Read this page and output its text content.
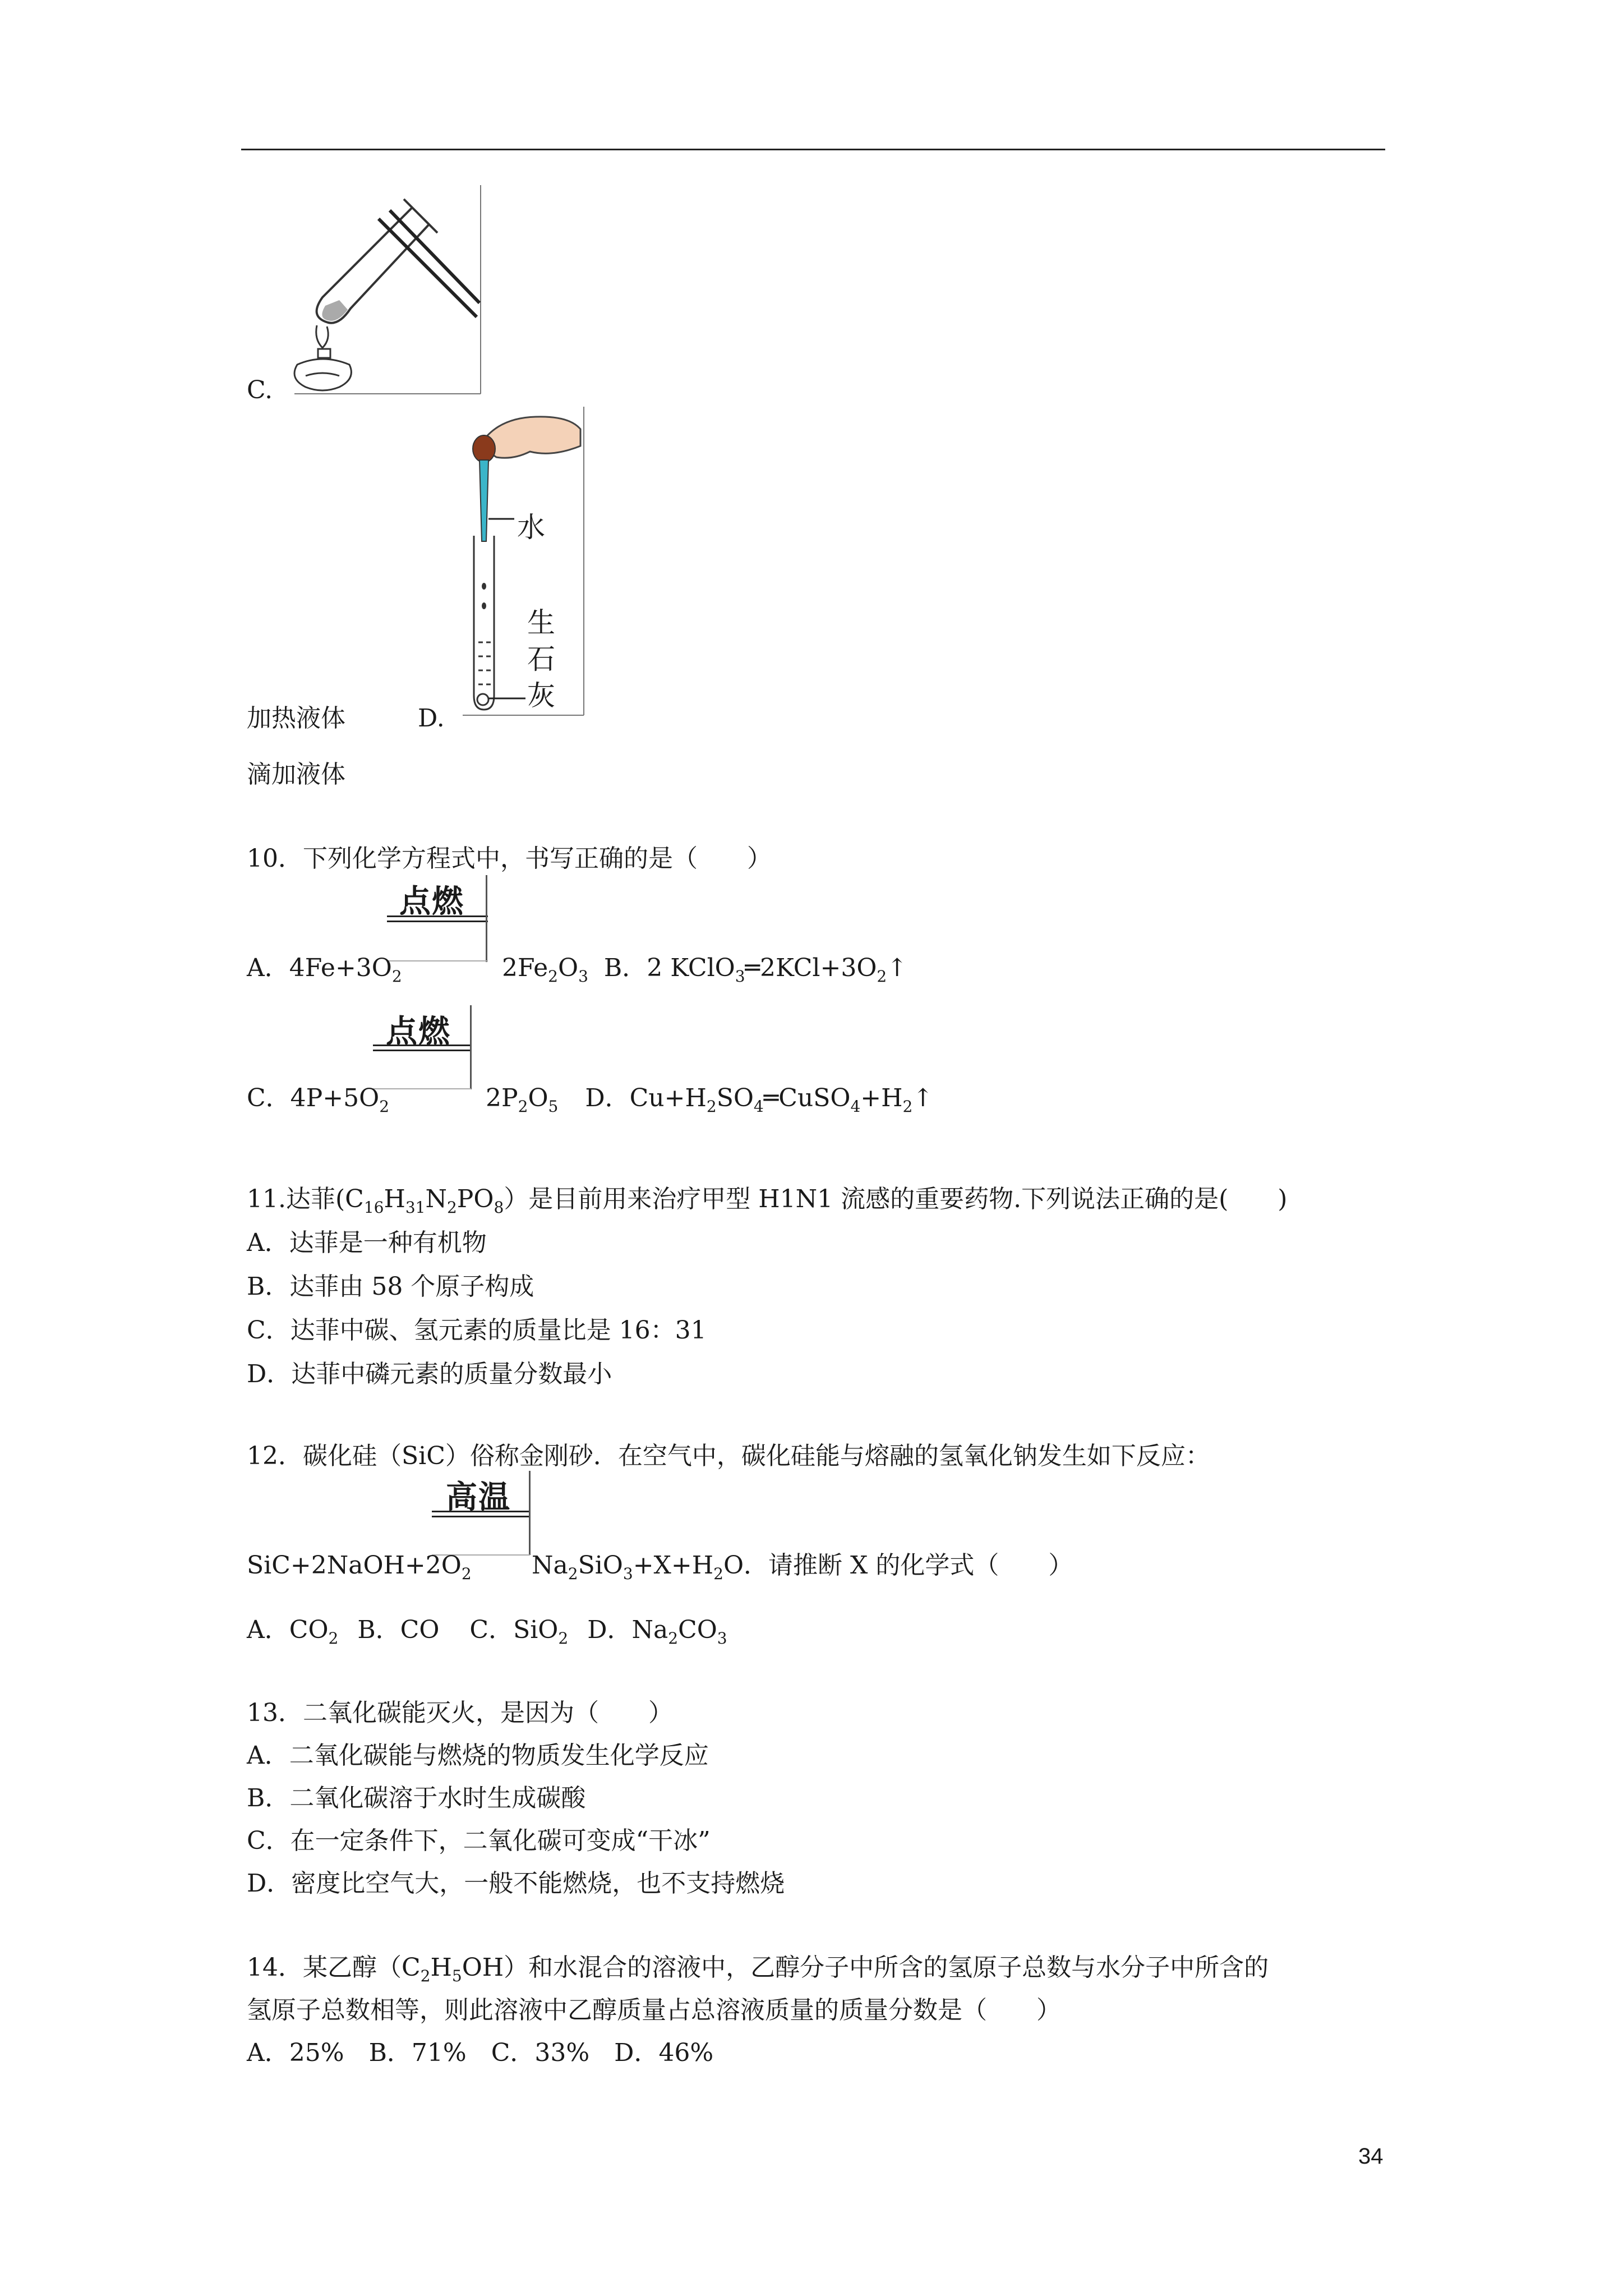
C.
水
生
石
灰
加热液体	D.
滴加液体
10．下列化学方程式中，书写正确的是（　　）
点燃
A．$4Fe+3O_2$	$2Fe_2O_3$ B．2 $KClO_3═2KCl+3O_2↑$
点燃
C．$4P+5O_2$	$2P_2O_5$ D．$Cu+H_2SO_4═CuSO_4+H_2↑$
11.达菲$(C_{16}H_{31}N_2PO_8)$是目前用来治疗甲型 H1N1 流感的重要药物.下列说法正确的是(　　)
A．达菲是一种有机物
B．达菲由 58 个原子构成
C．达菲中碳、氢元素的质量比是 16：31
D．达菲中磷元素的质量分数最小
12．碳化硅（SiC）俗称金刚砂．在空气中，碳化硅能与熔融的氢氧化钠发生如下反应：
高温
$SiC+2NaOH+2O_2$ $Na_2SiO_3+X+H_2O$．请推断 X 的化学式（　　）
A．$CO_2$ B．CO C．SiO$_2$ D．$Na_2CO_3$
13．二氧化碳能灭火，是因为（　　）
A．二氧化碳能与燃烧的物质发生化学反应
B．二氧化碳溶于水时生成碳酸
C．在一定条件下，二氧化碳可变成“干冰”
D．密度比空气大，一般不能燃烧，也不支持燃烧
14．某乙醇$(C_2H_5OH)$和水混合的溶液中，乙醇分子中所含的氢原子总数与水分子中所含的
氢原子总数相等，则此溶液中乙醇质量占总溶液质量的质量分数是（　　）
A．25%　B．71%　C．33%　D．46%
34
